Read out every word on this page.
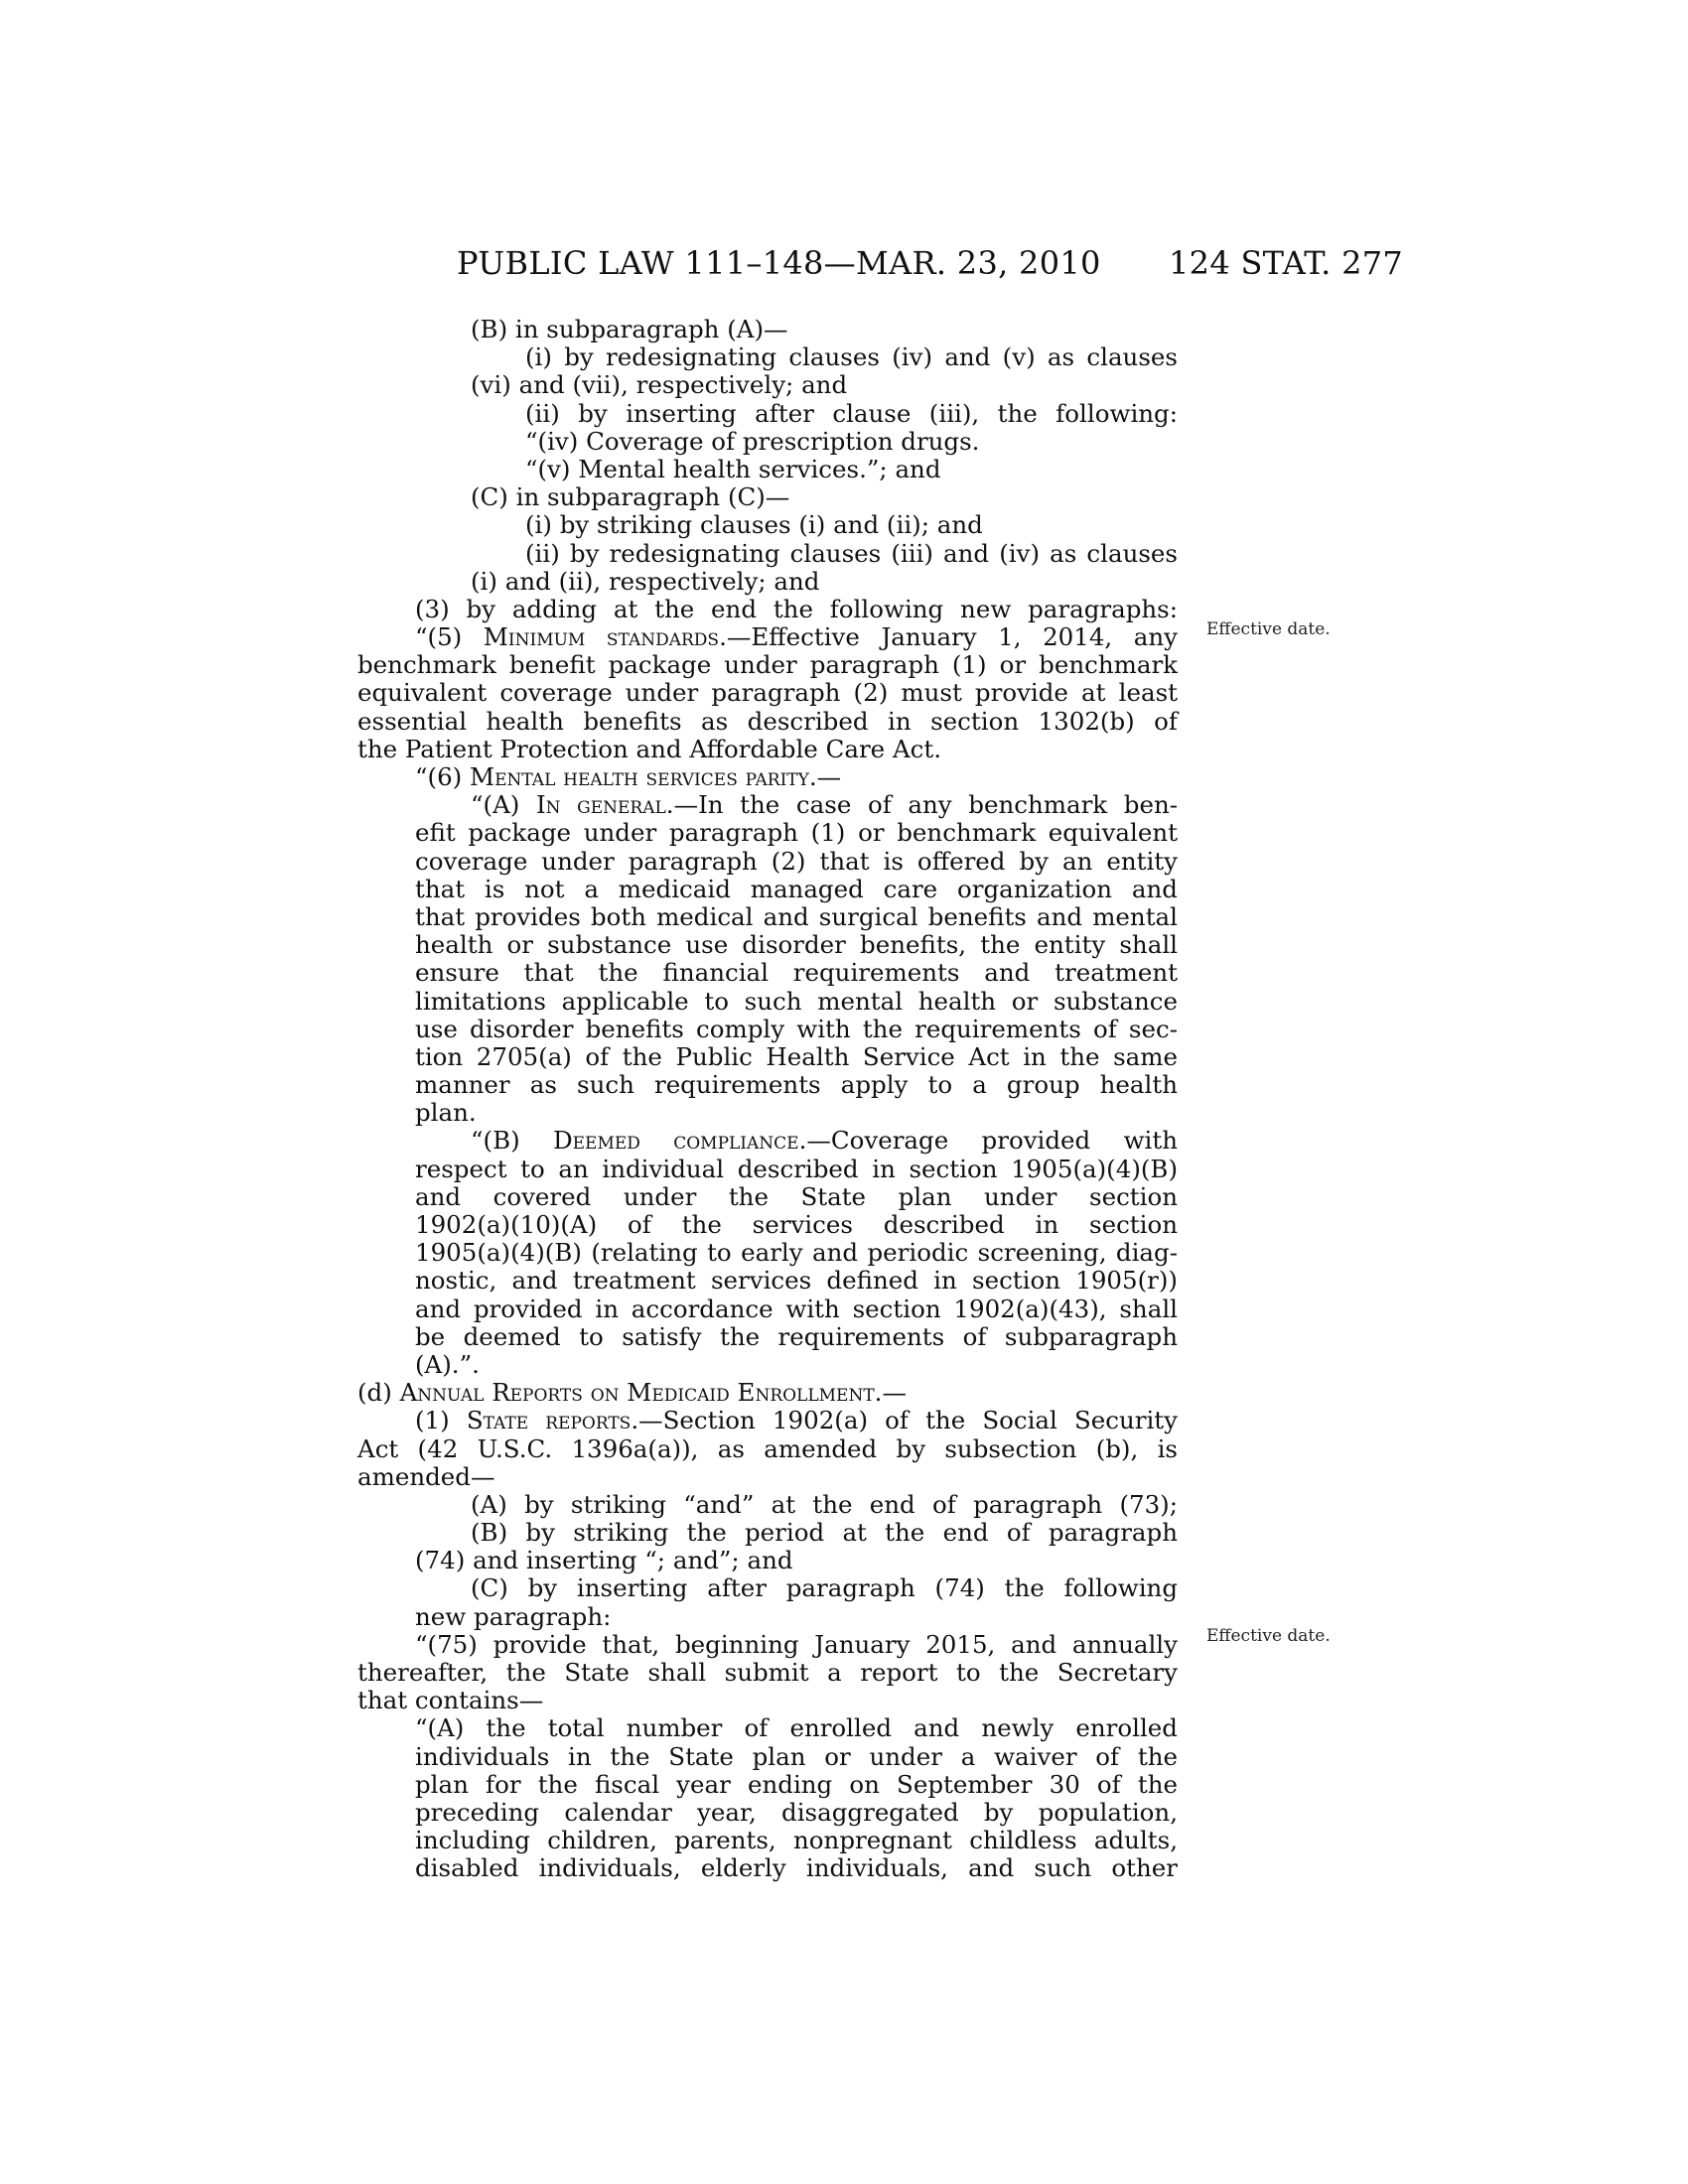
PUBLIC LAW 111–148—MAR. 23, 2010 124 STAT. 277
Effective date.
Effective date.
(B) in subparagraph (A)—
(i) by redesignating clauses (iv) and (v) as clauses
(vi) and (vii), respectively; and
(ii) by inserting after clause (iii), the following:
“(iv) Coverage of prescription drugs.
“(v) Mental health services.”; and
(C) in subparagraph (C)—
(i) by striking clauses (i) and (ii); and
(ii) by redesignating clauses (iii) and (iv) as clauses
(i) and (ii), respectively; and
(3) by adding at the end the following new paragraphs:
“(5) Minimum standards.—Effective January 1, 2014, any
benchmark benefit package under paragraph (1) or benchmark
equivalent coverage under paragraph (2) must provide at least
essential health benefits as described in section 1302(b) of
the Patient Protection and Affordable Care Act.
“(6) Mental health services parity.—
“(A) In general.—In the case of any benchmark ben-
efit package under paragraph (1) or benchmark equivalent
coverage under paragraph (2) that is offered by an entity
that is not a medicaid managed care organization and
that provides both medical and surgical benefits and mental
health or substance use disorder benefits, the entity shall
ensure that the financial requirements and treatment
limitations applicable to such mental health or substance
use disorder benefits comply with the requirements of sec-
tion 2705(a) of the Public Health Service Act in the same
manner as such requirements apply to a group health
plan.
“(B) Deemed compliance.—Coverage provided with
respect to an individual described in section 1905(a)(4)(B)
and covered under the State plan under section
1902(a)(10)(A) of the services described in section
1905(a)(4)(B) (relating to early and periodic screening, diag-
nostic, and treatment services defined in section 1905(r))
and provided in accordance with section 1902(a)(43), shall
be deemed to satisfy the requirements of subparagraph
(A).”.
(d) Annual Reports on Medicaid Enrollment.—
(1) State reports.—Section 1902(a) of the Social Security
Act (42 U.S.C. 1396a(a)), as amended by subsection (b), is
amended—
(A) by striking “and” at the end of paragraph (73);
(B) by striking the period at the end of paragraph
(74) and inserting “; and”; and
(C) by inserting after paragraph (74) the following
new paragraph:
“(75) provide that, beginning January 2015, and annually
thereafter, the State shall submit a report to the Secretary
that contains—
“(A) the total number of enrolled and newly enrolled
individuals in the State plan or under a waiver of the
plan for the fiscal year ending on September 30 of the
preceding calendar year, disaggregated by population,
including children, parents, nonpregnant childless adults,
disabled individuals, elderly individuals, and such other
